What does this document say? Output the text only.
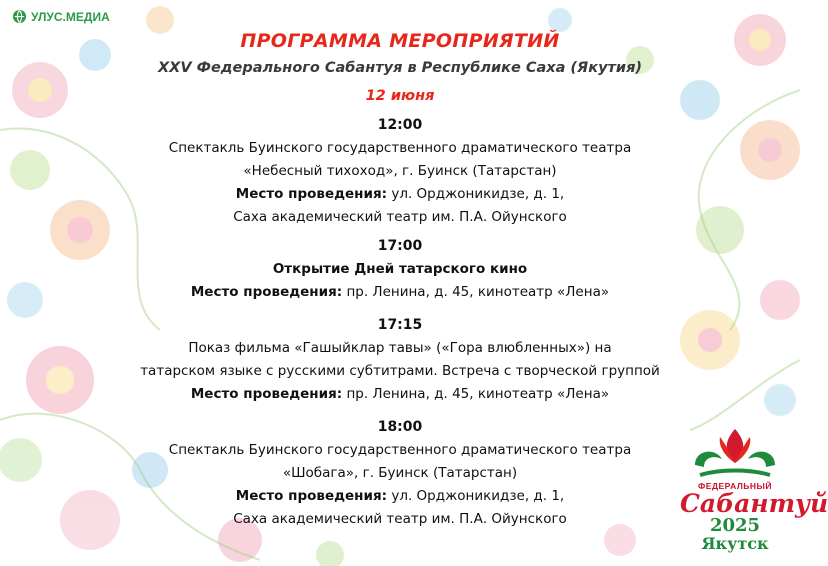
УЛУС.МЕДИА
ПРОГРАММА МЕРОПРИЯТИЙ
XXV Федерального Сабантуя в Республике Саха (Якутия)
12 июня
12:00
Спектакль Буинского государственного драматического театра
«Небесный тихоход», г. Буинск (Татарстан)
Место проведения: ул. Орджоникидзе, д. 1,
Саха академический театр им. П.А. Ойунского
17:00
Открытие Дней татарского кино
Место проведения: пр. Ленина, д. 45, кинотеатр «Лена»
17:15
Показ фильма «Гашыйклар тавы» («Гора влюбленных») на
татарском языке с русскими субтитрами. Встреча с творческой группой
Место проведения: пр. Ленина, д. 45, кинотеатр «Лена»
18:00
Спектакль Буинского государственного драматического театра
«Шобага», г. Буинск (Татарстан)
Место проведения: ул. Орджоникидзе, д. 1,
Саха академический театр им. П.А. Ойунского
ФЕДЕРАЛЬНЫЙ
Сабантуй
2025
Якутск
